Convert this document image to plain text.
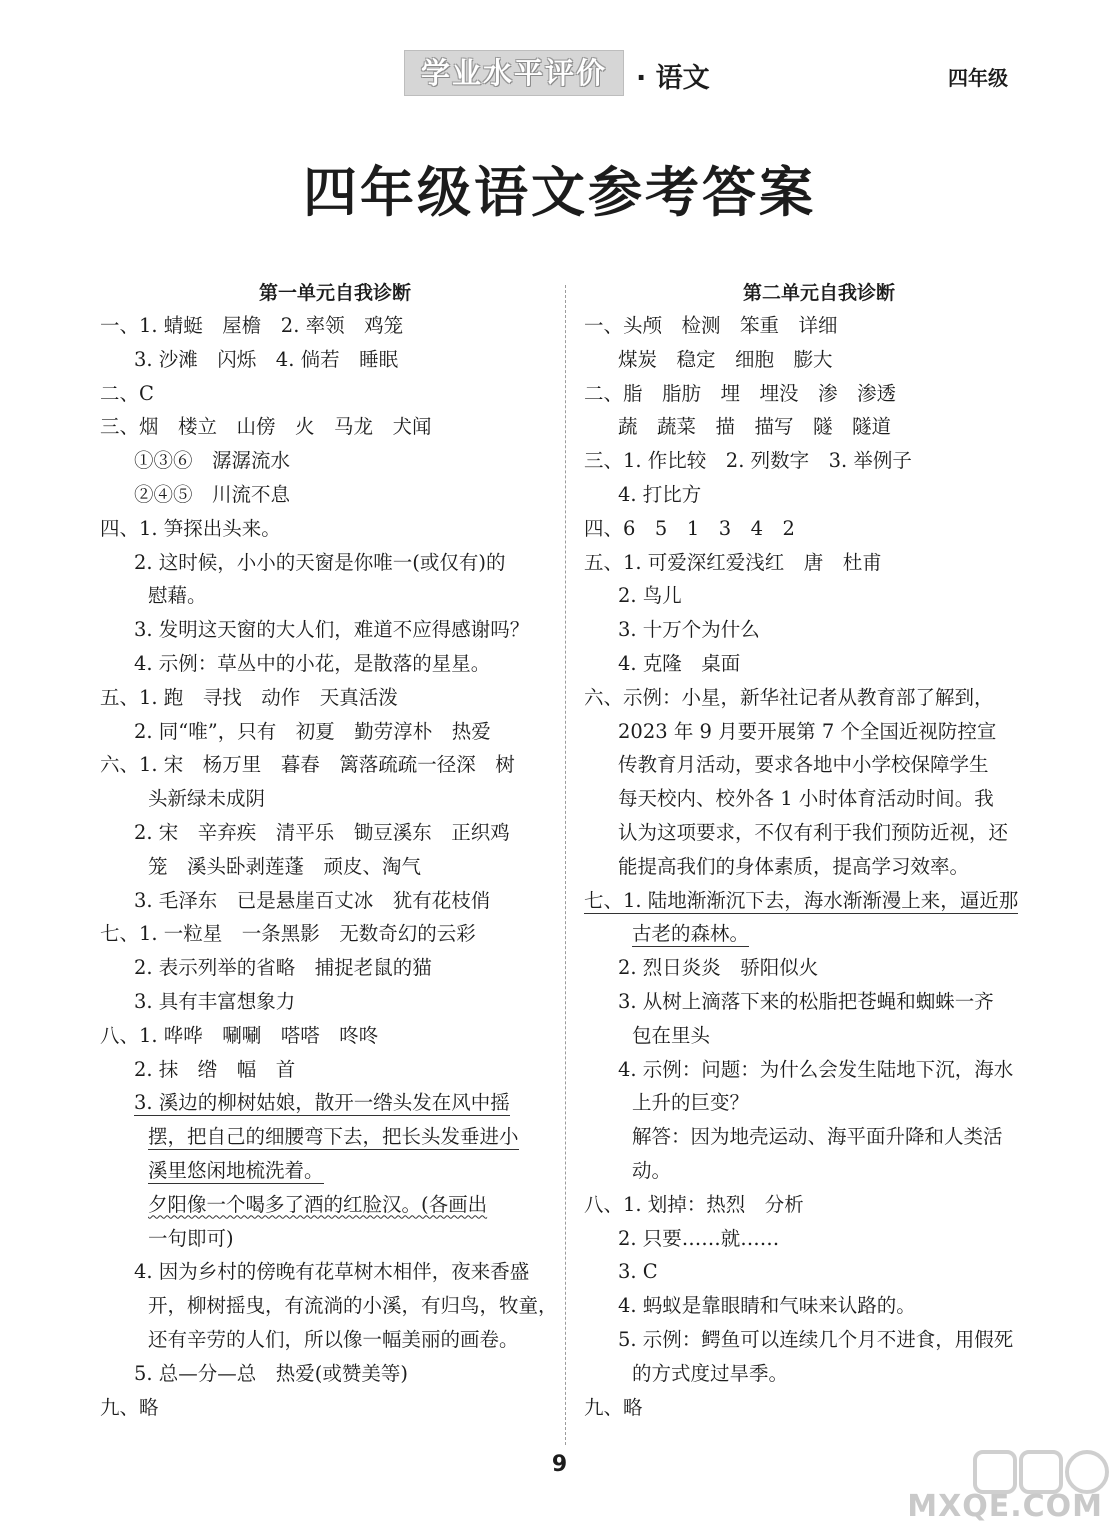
学业水平评价	· 语文	四年级
四年级语文参考答案
第一单元自我诊断
一、1. 蜻蜓　屋檐　2. 率领　鸡笼
3. 沙滩　闪烁　4. 倘若　睡眠
二、C
三、烟　楼立　山傍　火　马龙　犬闻
①③⑥　潺潺流水
②④⑤　川流不息
四、1. 笋探出头来。
2. 这时候，小小的天窗是你唯一(或仅有)的
慰藉。
3. 发明这天窗的大人们，难道不应得感谢吗？
4. 示例：草丛中的小花，是散落的星星。
五、1. 跑　寻找　动作　天真活泼
2. 同“唯”，只有　初夏　勤劳淳朴　热爱
六、1. 宋　杨万里　暮春　篱落疏疏一径深　树
头新绿未成阴
2. 宋　辛弃疾　清平乐　锄豆溪东　正织鸡
笼　溪头卧剥莲蓬　顽皮、淘气
3. 毛泽东　已是悬崖百丈冰　犹有花枝俏
七、1. 一粒星　一条黑影　无数奇幻的云彩
2. 表示列举的省略　捕捉老鼠的猫
3. 具有丰富想象力
八、1. 哗哗　唰唰　嗒嗒　咚咚
2. 抹　绺　幅　首
3. 溪边的柳树姑娘，散开一绺头发在风中摇
摆，把自己的细腰弯下去，把长头发垂进小
溪里悠闲地梳洗着。
夕阳像一个喝多了酒的红脸汉。(各画出
一句即可)
4. 因为乡村的傍晚有花草树木相伴，夜来香盛
开，柳树摇曳，有流淌的小溪，有归鸟，牧童，
还有辛劳的人们，所以像一幅美丽的画卷。
5. 总—分—总　热爱(或赞美等)
九、略
第二单元自我诊断
一、头颅　检测　笨重　详细
煤炭　稳定　细胞　膨大
二、脂　脂肪　埋　埋没　渗　渗透
蔬　蔬菜　描　描写　隧　隧道
三、1. 作比较　2. 列数字　3. 举例子
4. 打比方
四、6　5　1　3　4　2
五、1. 可爱深红爱浅红　唐　杜甫
2. 鸟儿
3. 十万个为什么
4. 克隆　桌面
六、示例：小星，新华社记者从教育部了解到，
2023 年 9 月要开展第 7 个全国近视防控宣
传教育月活动，要求各地中小学校保障学生
每天校内、校外各 1 小时体育活动时间。我
认为这项要求，不仅有利于我们预防近视，还
能提高我们的身体素质，提高学习效率。
七、1. 陆地渐渐沉下去，海水渐渐漫上来，逼近那
古老的森林。
2. 烈日炎炎　骄阳似火
3. 从树上滴落下来的松脂把苍蝇和蜘蛛一齐
包在里头
4. 示例：问题：为什么会发生陆地下沉，海水
上升的巨变？
解答：因为地壳运动、海平面升降和人类活
动。
八、1. 划掉：热烈　分析
2. 只要……就……
3. C
4. 蚂蚁是靠眼睛和气味来认路的。
5. 示例：鳄鱼可以连续几个月不进食，用假死
的方式度过旱季。
九、略
9
MXQE.COM
